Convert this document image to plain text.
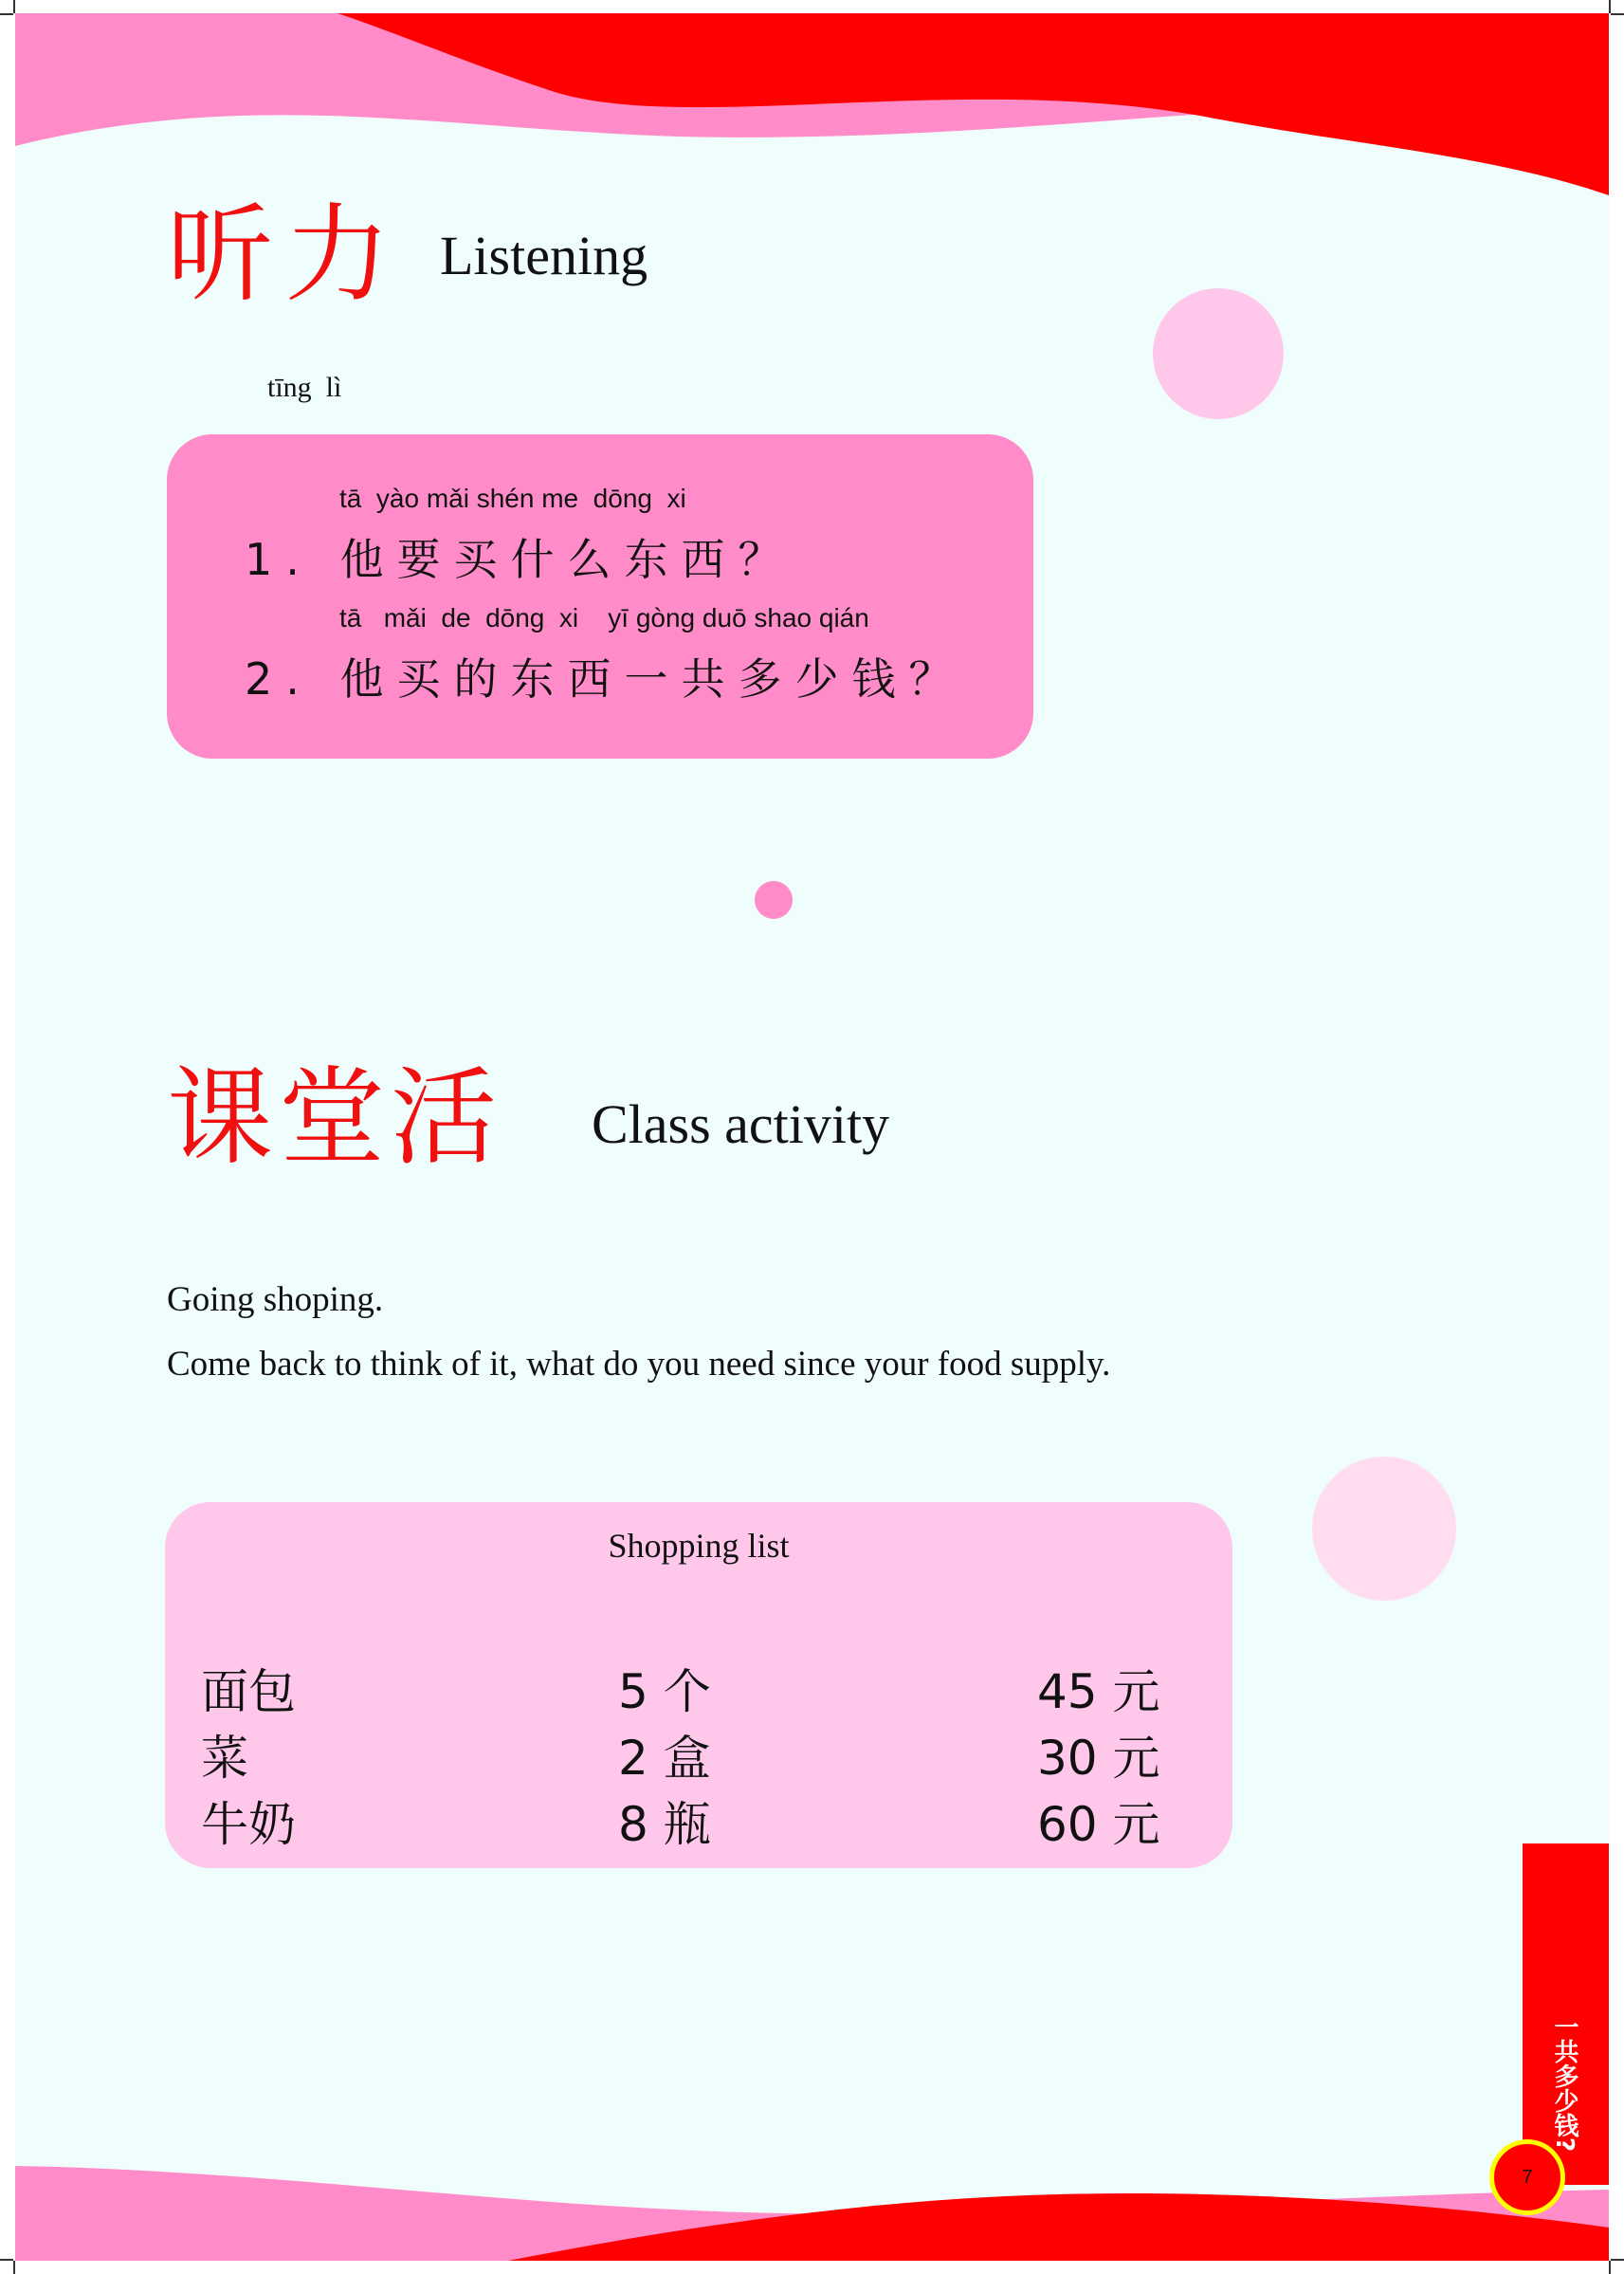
听力 Listening
tīng  lì
tā  yào mǎi shén me  dōng  xi
1. 他要买什么东西？
tā   mǎi  de  dōng  xi    yī gòng duō shao qián
2. 他买的东西一共多少钱？
课堂活 Class activity
Going shoping.
Come back to think of it, what do you need since your food supply.
Shopping list
面包	5 个	45 元
菜	2 盒	30 元
牛奶	8 瓶	60 元
一共多少钱?
7
